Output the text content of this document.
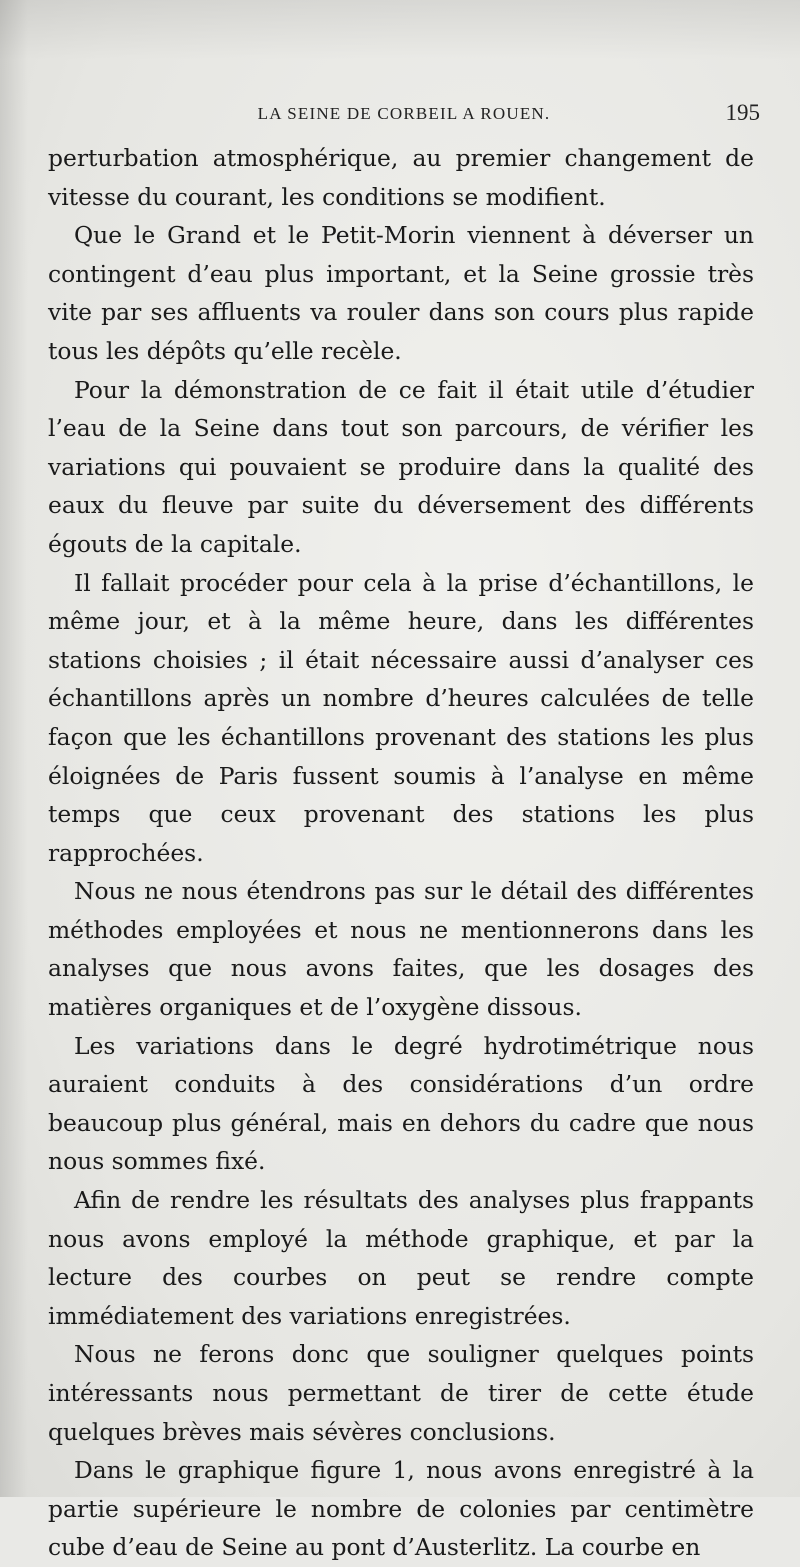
LA SEINE DE CORBEIL A ROUEN.	195

perturbation atmosphérique, au premier changement de vitesse du courant, les conditions se modifient.

Que le Grand et le Petit-Morin viennent à déverser un contingent d’eau plus important, et la Seine grossie très vite par ses affluents va rouler dans son cours plus rapide tous les dépôts qu’elle recèle.

Pour la démonstration de ce fait il était utile d’étudier l’eau de la Seine dans tout son parcours, de vérifier les variations qui pouvaient se produire dans la qualité des eaux du fleuve par suite du déversement des différents égouts de la capitale.

Il fallait procéder pour cela à la prise d’échantillons, le même jour, et à la même heure, dans les différentes stations choisies ; il était nécessaire aussi d’analyser ces échantillons après un nombre d’heures calculées de telle façon que les échantillons provenant des stations les plus éloignées de Paris fussent soumis à l’analyse en même temps que ceux provenant des stations les plus rapprochées.

Nous ne nous étendrons pas sur le détail des différentes méthodes employées et nous ne mentionnerons dans les analyses que nous avons faites, que les dosages des matières organiques et de l’oxygène dissous.

Les variations dans le degré hydrotimétrique nous auraient conduits à des considérations d’un ordre beaucoup plus général, mais en dehors du cadre que nous nous sommes fixé.

Afin de rendre les résultats des analyses plus frappants nous avons employé la méthode graphique, et par la lecture des courbes on peut se rendre compte immédiatement des variations enregistrées.

Nous ne ferons donc que souligner quelques points intéressants nous permettant de tirer de cette étude quelques brèves mais sévères conclusions.

Dans le graphique figure 1, nous avons enregistré à la partie supérieure le nombre de colonies par centimètre cube d’eau de Seine au pont d’Austerlitz. La courbe en
